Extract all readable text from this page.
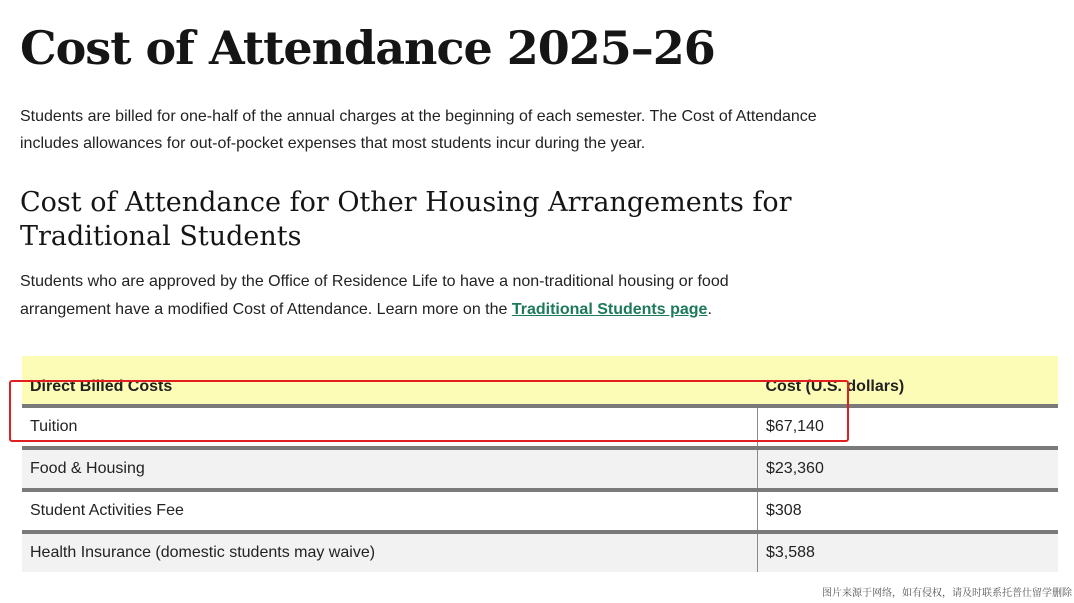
Cost of Attendance 2025–26

Students are billed for one-half of the annual charges at the beginning of each semester. The Cost of Attendance includes allowances for out-of-pocket expenses that most students incur during the year.

Cost of Attendance for Other Housing Arrangements for Traditional Students

Students who are approved by the Office of Residence Life to have a non-traditional housing or food arrangement have a modified Cost of Attendance. Learn more on the Traditional Students page.

Direct Billed Costs	Cost (U.S. dollars)
Tuition	$67,140
Food & Housing	$23,360
Student Activities Fee	$308
Health Insurance (domestic students may waive)	$3,588
图片来源于网络，如有侵权，请及时联系托普仕留学删除
